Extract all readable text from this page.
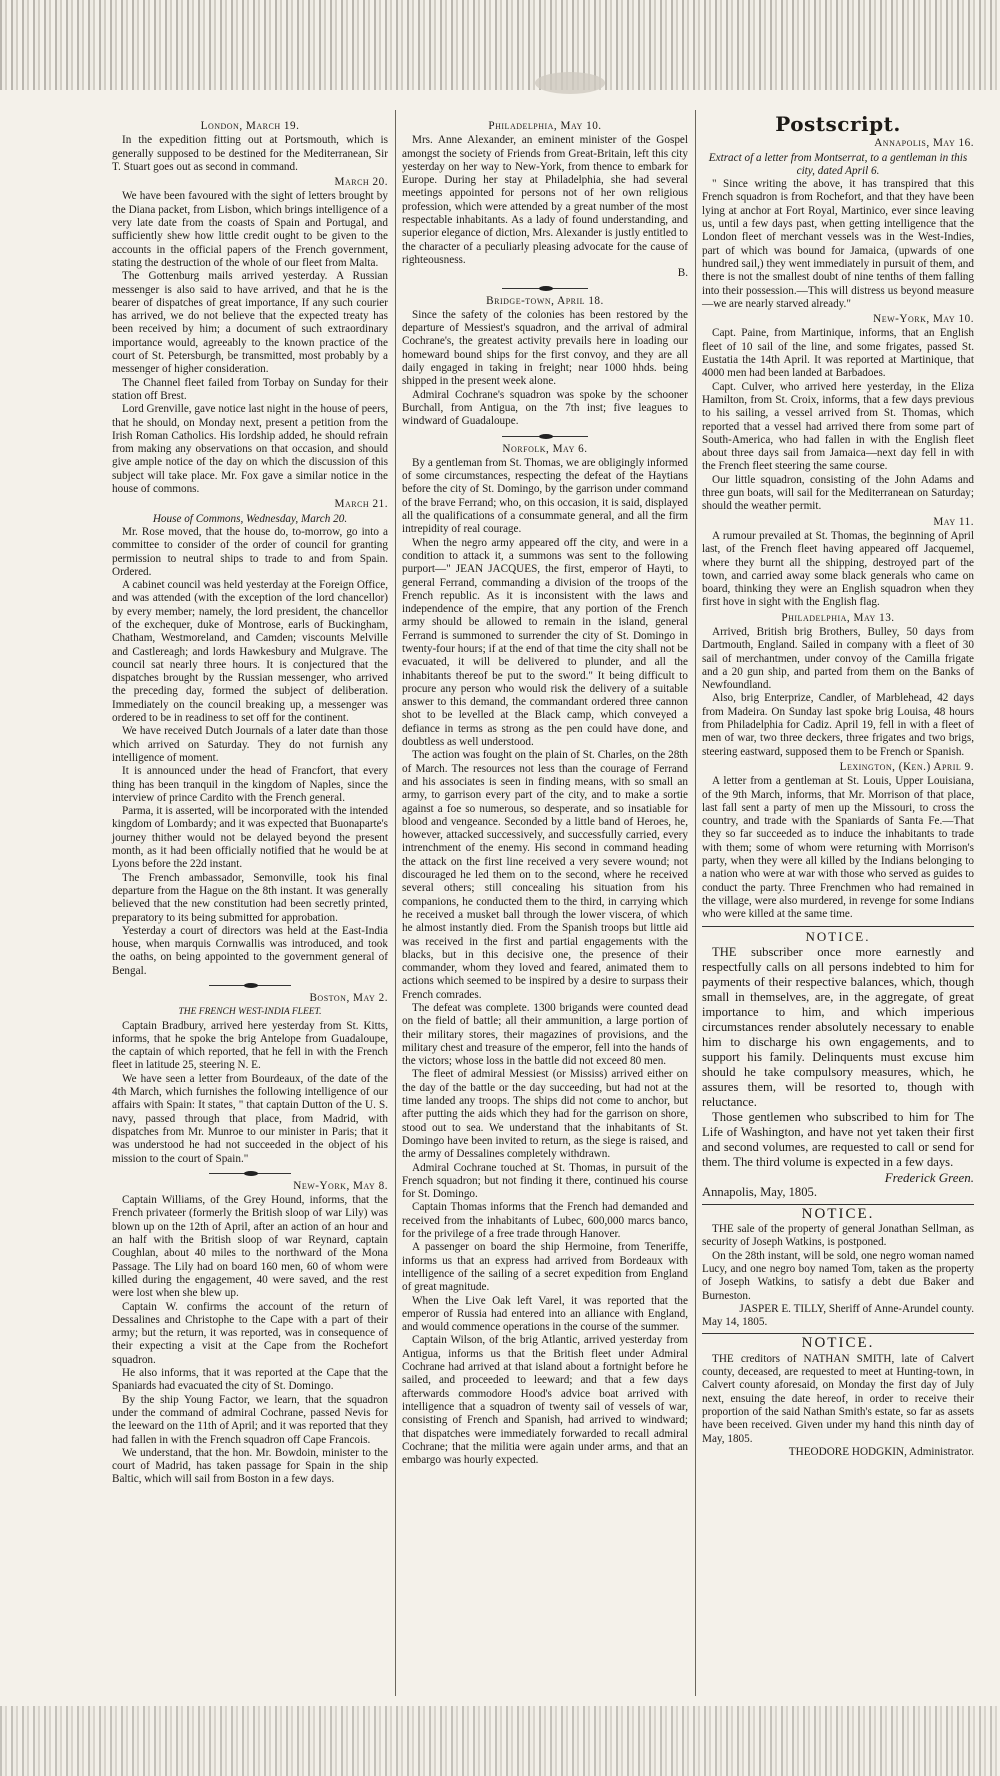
London, March 19.

In the expedition fitting out at Portsmouth, which is generally supposed to be destined for the Mediterranean, Sir T. Stuart goes out as second in command.

March 20.

We have been favoured with the sight of letters brought by the Diana packet, from Lisbon, which brings intelligence of a very late date from the coasts of Spain and Portugal, and sufficiently shew how little credit ought to be given to the accounts in the official papers of the French government, stating the destruction of the whole of our fleet from Malta.

The Gottenburg mails arrived yesterday. A Russian messenger is also said to have arrived, and that he is the bearer of dispatches of great importance, If any such courier has arrived, we do not believe that the expected treaty has been received by him; a document of such extraordinary importance would, agreeably to the known practice of the court of St. Petersburgh, be transmitted, most probably by a messenger of higher consideration.

The Channel fleet failed from Torbay on Sunday for their station off Brest.

Lord Grenville, gave notice last night in the house of peers, that he should, on Monday next, present a petition from the Irish Roman Catholics. His lordship added, he should refrain from making any observations on that occasion, and should give ample notice of the day on which the discussion of this subject will take place. Mr. Fox gave a similar notice in the house of commons.

March 21.
House of Commons, Wednesday, March 20.

Mr. Rose moved, that the house do, to-morrow, go into a committee to consider of the order of council for granting permission to neutral ships to trade to and from Spain. Ordered.

A cabinet council was held yesterday at the Foreign Office, and was attended (with the exception of the lord chancellor) by every member; namely, the lord president, the chancellor of the exchequer, duke of Montrose, earls of Buckingham, Chatham, Westmoreland, and Camden; viscounts Melville and Castlereagh; and lords Hawkesbury and Mulgrave. The council sat nearly three hours. It is conjectured that the dispatches brought by the Russian messenger, who arrived the preceding day, formed the subject of deliberation. Immediately on the council breaking up, a messenger was ordered to be in readiness to set off for the continent.

We have received Dutch Journals of a later date than those which arrived on Saturday. They do not furnish any intelligence of moment.

It is announced under the head of Francfort, that every thing has been tranquil in the kingdom of Naples, since the interview of prince Cardito with the French general.

Parma, it is asserted, will be incorporated with the intended kingdom of Lombardy; and it was expected that Buonaparte's journey thither would not be delayed beyond the present month, as it had been officially notified that he would be at Lyons before the 22d instant.

The French ambassador, Semonville, took his final departure from the Hague on the 8th instant. It was generally believed that the new constitution had been secretly printed, preparatory to its being submitted for approbation.

Yesterday a court of directors was held at the East-India house, when marquis Cornwallis was introduced, and took the oaths, on being appointed to the government general of Bengal.

Boston, May 2.
THE FRENCH WEST-INDIA FLEET.

Captain Bradbury, arrived here yesterday from St. Kitts, informs, that he spoke the brig Antelope from Guadaloupe, the captain of which reported, that he fell in with the French fleet in latitude 25, steering N. E.

We have seen a letter from Bourdeaux, of the date of the 4th March, which furnishes the following intelligence of our affairs with Spain: It states, " that captain Dutton of the U. S. navy, passed through that place, from Madrid, with dispatches from Mr. Munroe to our minister in Paris; that it was understood he had not succeeded in the object of his mission to the court of Spain."

New-York, May 8.

Captain Williams, of the Grey Hound, informs, that the French privateer (formerly the British sloop of war Lily) was blown up on the 12th of April, after an action of an hour and an half with the British sloop of war Reynard, captain Coughlan, about 40 miles to the northward of the Mona Passage. The Lily had on board 160 men, 60 of whom were killed during the engagement, 40 were saved, and the rest were lost when she blew up.

Captain W. confirms the account of the return of Dessalines and Christophe to the Cape with a part of their army; but the return, it was reported, was in consequence of their expecting a visit at the Cape from the Rochefort squadron.

He also informs, that it was reported at the Cape that the Spaniards had evacuated the city of St. Domingo.

By the ship Young Factor, we learn, that the squadron under the command of admiral Cochrane, passed Nevis for the leeward on the 11th of April; and it was reported that they had fallen in with the French squadron off Cape Francois.

We understand, that the hon. Mr. Bowdoin, minister to the court of Madrid, has taken passage for Spain in the ship Baltic, which will sail from Boston in a few days.

Philadelphia, May 10.

Mrs. Anne Alexander, an eminent minister of the Gospel amongst the society of Friends from Great-Britain, left this city yesterday on her way to New-York, from thence to embark for Europe. During her stay at Philadelphia, she had several meetings appointed for persons not of her own religious profession, which were attended by a great number of the most respectable inhabitants. As a lady of found understanding, and superior elegance of diction, Mrs. Alexander is justly entitled to the character of a peculiarly pleasing advocate for the cause of righteousness.

B.
Bridge-town, April 18.

Since the safety of the colonies has been restored by the departure of Messiest's squadron, and the arrival of admiral Cochrane's, the greatest activity prevails here in loading our homeward bound ships for the first convoy, and they are all daily engaged in taking in freight; near 1000 hhds. being shipped in the present week alone.

Admiral Cochrane's squadron was spoke by the schooner Burchall, from Antigua, on the 7th inst; five leagues to windward of Guadaloupe.

Norfolk, May 6.

By a gentleman from St. Thomas, we are obligingly informed of some circumstances, respecting the defeat of the Haytians before the city of St. Domingo, by the garrison under command of the brave Ferrand; who, on this occasion, it is said, displayed all the qualifications of a consummate general, and all the firm intrepidity of real courage.

When the negro army appeared off the city, and were in a condition to attack it, a summons was sent to the following purport—" JEAN JACQUES, the first, emperor of Hayti, to general Ferrand, commanding a division of the troops of the French republic. As it is inconsistent with the laws and independence of the empire, that any portion of the French army should be allowed to remain in the island, general Ferrand is summoned to surrender the city of St. Domingo in twenty-four hours; if at the end of that time the city shall not be evacuated, it will be delivered to plunder, and all the inhabitants thereof be put to the sword." It being difficult to procure any person who would risk the delivery of a suitable answer to this demand, the commandant ordered three cannon shot to be levelled at the Black camp, which conveyed a defiance in terms as strong as the pen could have done, and doubtless as well understood.

The action was fought on the plain of St. Charles, on the 28th of March. The resources not less than the courage of Ferrand and his associates is seen in finding means, with so small an army, to garrison every part of the city, and to make a sortie against a foe so numerous, so desperate, and so insatiable for blood and vengeance. Seconded by a little band of Heroes, he, however, attacked successively, and successfully carried, every intrenchment of the enemy. His second in command heading the attack on the first line received a very severe wound; not discouraged he led them on to the second, where he received several others; still concealing his situation from his companions, he conducted them to the third, in carrying which he received a musket ball through the lower viscera, of which he almost instantly died. From the Spanish troops but little aid was received in the first and partial engagements with the blacks, but in this decisive one, the presence of their commander, whom they loved and feared, animated them to actions which seemed to be inspired by a desire to surpass their French comrades.

The defeat was complete. 1300 brigands were counted dead on the field of battle; all their ammunition, a large portion of their military stores, their magazines of provisions, and the military chest and treasure of the emperor, fell into the hands of the victors; whose loss in the battle did not exceed 80 men.

The fleet of admiral Messiest (or Mississ) arrived either on the day of the battle or the day succeeding, but had not at the time landed any troops. The ships did not come to anchor, but after putting the aids which they had for the garrison on shore, stood out to sea. We understand that the inhabitants of St. Domingo have been invited to return, as the siege is raised, and the army of Dessalines completely withdrawn.

Admiral Cochrane touched at St. Thomas, in pursuit of the French squadron; but not finding it there, continued his course for St. Domingo.

Captain Thomas informs that the French had demanded and received from the inhabitants of Lubec, 600,000 marcs banco, for the privilege of a free trade through Hanover.

A passenger on board the ship Hermoine, from Teneriffe, informs us that an express had arrived from Bordeaux with intelligence of the sailing of a secret expedition from England of great magnitude.

When the Live Oak left Varel, it was reported that the emperor of Russia had entered into an alliance with England, and would commence operations in the course of the summer.

Captain Wilson, of the brig Atlantic, arrived yesterday from Antigua, informs us that the British fleet under Admiral Cochrane had arrived at that island about a fortnight before he sailed, and proceeded to leeward; and that a few days afterwards commodore Hood's advice boat arrived with intelligence that a squadron of twenty sail of vessels of war, consisting of French and Spanish, had arrived to windward; that dispatches were immediately forwarded to recall admiral Cochrane; that the militia were again under arms, and that an embargo was hourly expected.

Postscript.
Annapolis, May 16.
Extract of a letter from Montserrat, to a gentleman in this city, dated April 6.

" Since writing the above, it has transpired that this French squadron is from Rochefort, and that they have been lying at anchor at Fort Royal, Martinico, ever since leaving us, until a few days past, when getting intelligence that the London fleet of merchant vessels was in the West-Indies, part of which was bound for Jamaica, (upwards of one hundred sail,) they went immediately in pursuit of them, and there is not the smallest doubt of nine tenths of them falling into their possession.—This will distress us beyond measure—we are nearly starved already."

New-York, May 10.

Capt. Paine, from Martinique, informs, that an English fleet of 10 sail of the line, and some frigates, passed St. Eustatia the 14th April. It was reported at Martinique, that 4000 men had been landed at Barbadoes.

Capt. Culver, who arrived here yesterday, in the Eliza Hamilton, from St. Croix, informs, that a few days previous to his sailing, a vessel arrived from St. Thomas, which reported that a vessel had arrived there from some part of South-America, who had fallen in with the English fleet about three days sail from Jamaica—next day fell in with the French fleet steering the same course.

Our little squadron, consisting of the John Adams and three gun boats, will sail for the Mediterranean on Saturday; should the weather permit.

May 11.

A rumour prevailed at St. Thomas, the beginning of April last, of the French fleet having appeared off Jacquemel, where they burnt all the shipping, destroyed part of the town, and carried away some black generals who came on board, thinking they were an English squadron when they first hove in sight with the English flag.

Philadelphia, May 13.

Arrived, British brig Brothers, Bulley, 50 days from Dartmouth, England. Sailed in company with a fleet of 30 sail of merchantmen, under convoy of the Camilla frigate and a 20 gun ship, and parted from them on the Banks of Newfoundland.

Also, brig Enterprize, Candler, of Marblehead, 42 days from Madeira. On Sunday last spoke brig Louisa, 48 hours from Philadelphia for Cadiz. April 19, fell in with a fleet of men of war, two three deckers, three frigates and two brigs, steering eastward, supposed them to be French or Spanish.

Lexington, (Ken.) April 9.

A letter from a gentleman at St. Louis, Upper Louisiana, of the 9th March, informs, that Mr. Morrison of that place, last fall sent a party of men up the Missouri, to cross the country, and trade with the Spaniards of Santa Fe.—That they so far succeeded as to induce the inhabitants to trade with them; some of whom were returning with Morrison's party, when they were all killed by the Indians belonging to a nation who were at war with those who served as guides to conduct the party. Three Frenchmen who had remained in the village, were also murdered, in revenge for some Indians who were killed at the same time.

NOTICE.

THE subscriber once more earnestly and respectfully calls on all persons indebted to him for payments of their respective balances, which, though small in themselves, are, in the aggregate, of great importance to him, and which imperious circumstances render absolutely necessary to enable him to discharge his own engagements, and to support his family. Delinquents must excuse him should he take compulsory measures, which, he assures them, will be resorted to, though with reluctance.

Those gentlemen who subscribed to him for The Life of Washington, and have not yet taken their first and second volumes, are requested to call or send for them. The third volume is expected in a few days.

Frederick Green.
Annapolis, May, 1805.
NOTICE.

THE sale of the property of general Jonathan Sellman, as security of Joseph Watkins, is postponed.

On the 28th instant, will be sold, one negro woman named Lucy, and one negro boy named Tom, taken as the property of Joseph Watkins, to satisfy a debt due Baker and Burneston.

JASPER E. TILLY, Sheriff of Anne-Arundel county.
May 14, 1805.
NOTICE.

THE creditors of NATHAN SMITH, late of Calvert county, deceased, are requested to meet at Hunting-town, in Calvert county aforesaid, on Monday the first day of July next, ensuing the date hereof, in order to receive their proportion of the said Nathan Smith's estate, so far as assets have been received. Given under my hand this ninth day of May, 1805.

THEODORE HODGKIN, Administrator.
